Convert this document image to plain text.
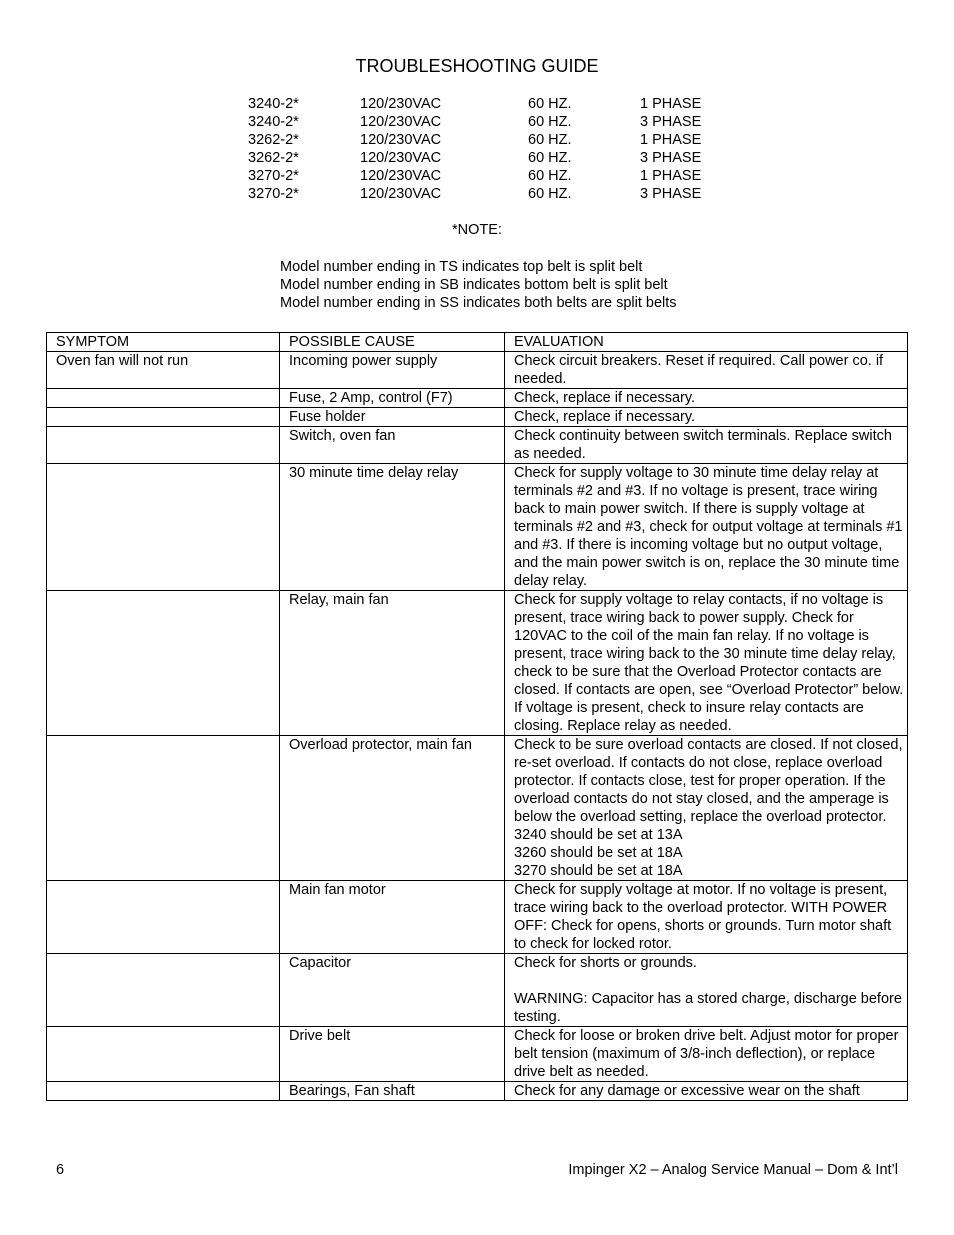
TROUBLESHOOTING GUIDE
3240-2*	120/230VAC	60 HZ.	1 PHASE
3240-2*	120/230VAC	60 HZ.	3 PHASE
3262-2*	120/230VAC	60 HZ.	1 PHASE
3262-2*	120/230VAC	60 HZ.	3 PHASE
3270-2*	120/230VAC	60 HZ.	1 PHASE
3270-2*	120/230VAC	60 HZ.	3 PHASE
*NOTE:
Model number ending in TS indicates top belt is split belt
Model number ending in SB indicates bottom belt is split belt
Model number ending in SS indicates both belts are split belts
SYMPTOM	POSSIBLE CAUSE	EVALUATION
Oven fan will not run	Incoming power supply	Check circuit breakers. Reset if required. Call power co. if needed.
	Fuse, 2 Amp, control (F7)	Check, replace if necessary.
	Fuse holder	Check, replace if necessary.
	Switch, oven fan	Check continuity between switch terminals. Replace switch as needed.
	30 minute time delay relay	Check for supply voltage to 30 minute time delay relay at terminals #2 and #3. If no voltage is present, trace wiring back to main power switch. If there is supply voltage at terminals #2 and #3, check for output voltage at terminals #1 and #3. If there is incoming voltage but no output voltage, and the main power switch is on, replace the 30 minute time delay relay.
	Relay, main fan	Check for supply voltage to relay contacts, if no voltage is present, trace wiring back to power supply. Check for 120VAC to the coil of the main fan relay. If no voltage is present, trace wiring back to the 30 minute time delay relay, check to be sure that the Overload Protector contacts are closed. If contacts are open, see “Overload Protector” below. If voltage is present, check to insure relay contacts are closing. Replace relay as needed.
	Overload protector, main fan	Check to be sure overload contacts are closed. If not closed, re-set overload. If contacts do not close, replace overload protector. If contacts close, test for proper operation. If the overload contacts do not stay closed, and the amperage is below the overload setting, replace the overload protector.
3240 should be set at 13A
3260 should be set at 18A
3270 should be set at 18A
	Main fan motor	Check for supply voltage at motor. If no voltage is present, trace wiring back to the overload protector. WITH POWER OFF: Check for opens, shorts or grounds. Turn motor shaft to check for locked rotor.
	Capacitor	Check for shorts or grounds.

WARNING: Capacitor has a stored charge, discharge before testing.
	Drive belt	Check for loose or broken drive belt. Adjust motor for proper belt tension (maximum of 3/8-inch deflection), or replace drive belt as needed.

	Bearings, Fan shaft	Check for any damage or excessive wear on the shaft
6	Impinger X2 – Analog Service Manual – Dom & Int’l
